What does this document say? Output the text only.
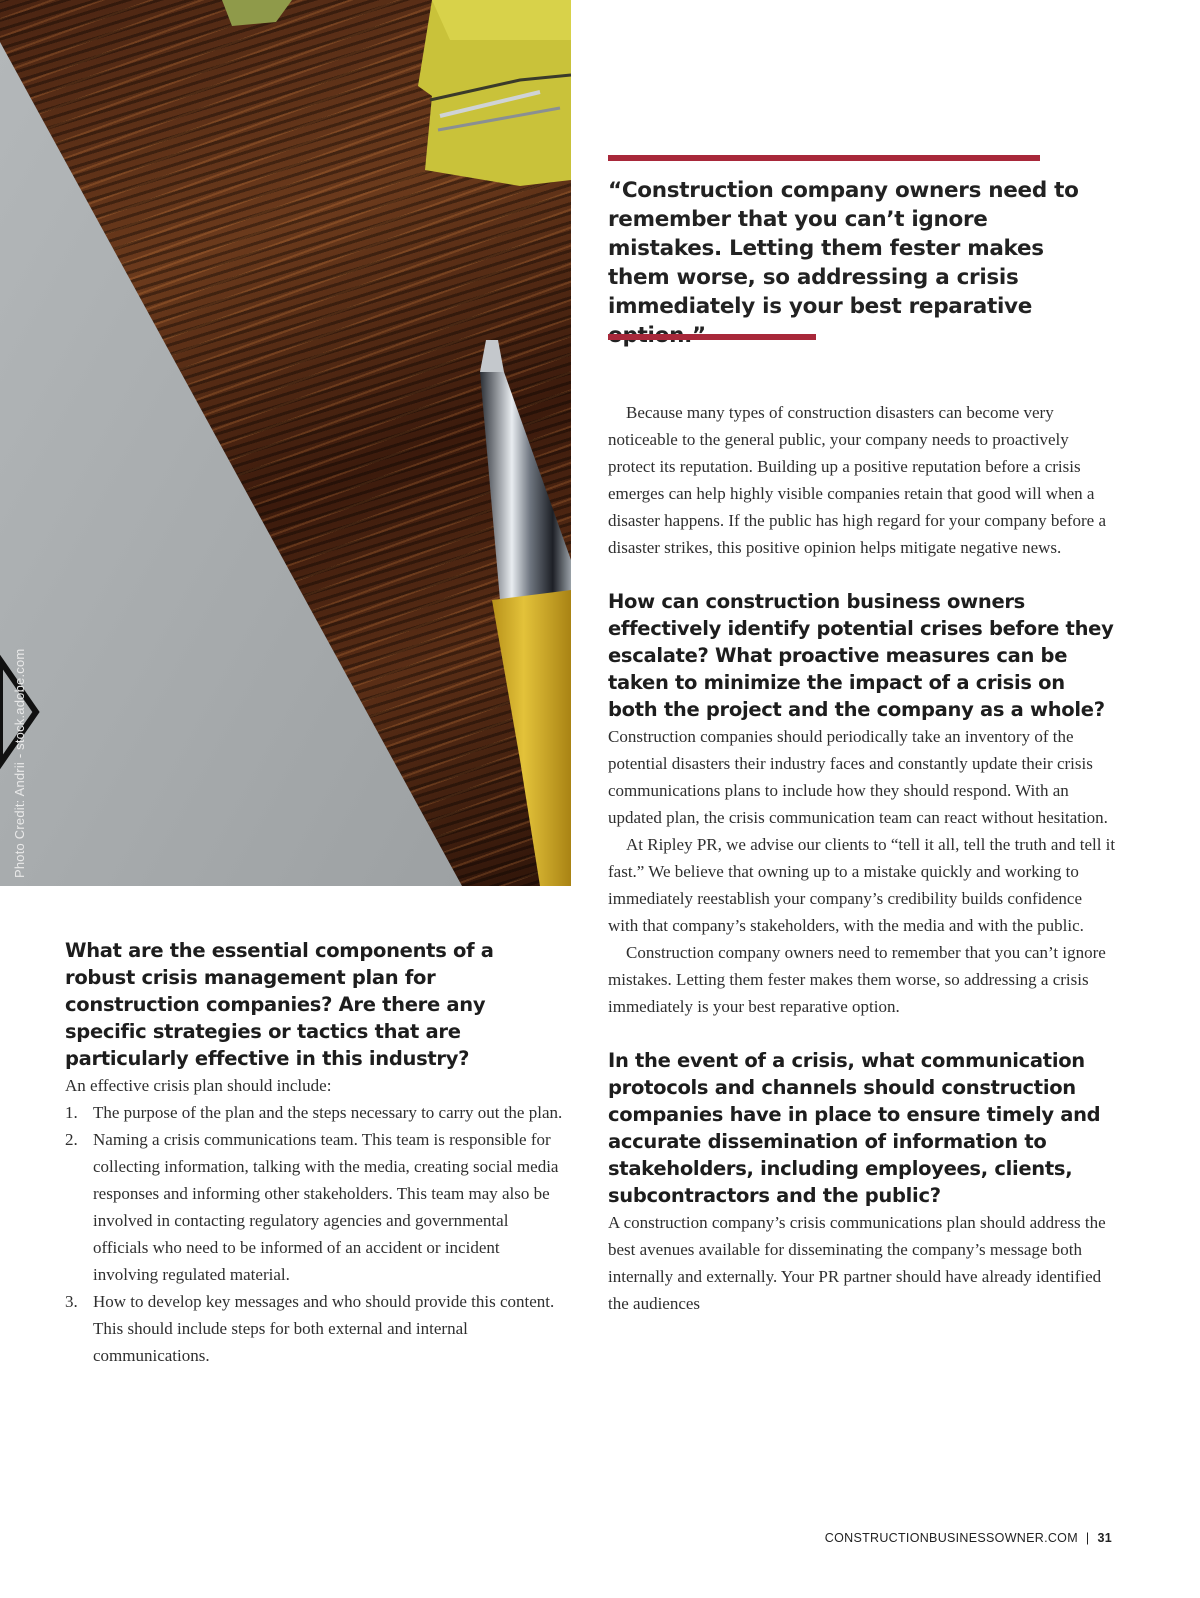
Photo Credit: Andrii - stock.adobe.com

“Construction company owners need to remember that you can’t ignore mistakes. Letting them fester makes them worse, so addressing a crisis immediately is your best reparative

What are the essential components of a robust crisis management plan for construction companies? Are there any specific strategies or tactics that are particularly effective in this industry?

An effective crisis plan should include:

1. The purpose of the plan and the steps necessary to carry out the plan.
2. Naming a crisis communications team. This team is responsible for collecting information, talking with the media, creating social media responses and informing other stakeholders. This team may also be involved in contacting regulatory agencies and governmental officials who need to be informed of an accident or incident involving regulated material.
3. How to develop key messages and who should provide this content. This should include steps for both external and internal communications.

Because many types of construction disasters can become very noticeable to the general public, your company needs to proactively protect its reputation. Building up a positive reputation before a crisis emerges can help highly visible companies retain that good will when a disaster happens. If the public has high regard for your company before a disaster strikes, this positive opinion helps mitigate negative news.

How can construction business owners effectively identify potential crises before they escalate? What proactive measures can be taken to minimize the impact of a crisis on both the project and the company as a whole?

Construction companies should periodically take an inventory of the potential disasters their industry faces and constantly update their crisis communications plans to include how they should respond. With an updated plan, the crisis communication team can react without hesitation.

At Ripley PR, we advise our clients to “tell it all, tell the truth and tell it fast.” We believe that owning up to a mistake quickly and working to immediately reestablish your company’s credibility builds confidence with that company’s stakeholders, with the media and with the public.

Construction company owners need to remember that you can’t ignore mistakes. Letting them fester makes them worse, so addressing a crisis immediately is your best reparative option.

In the event of a crisis, what communication protocols and channels should construction companies have in place to ensure timely and accurate dissemination of information to stakeholders, including employees, clients, subcontractors and the public?

A construction company’s crisis communications plan should address the best avenues available for disseminating the company’s message both internally and externally. Your PR partner should have already identified the audiences

CONSTRUCTIONBUSINESSOWNER.COM | 31
